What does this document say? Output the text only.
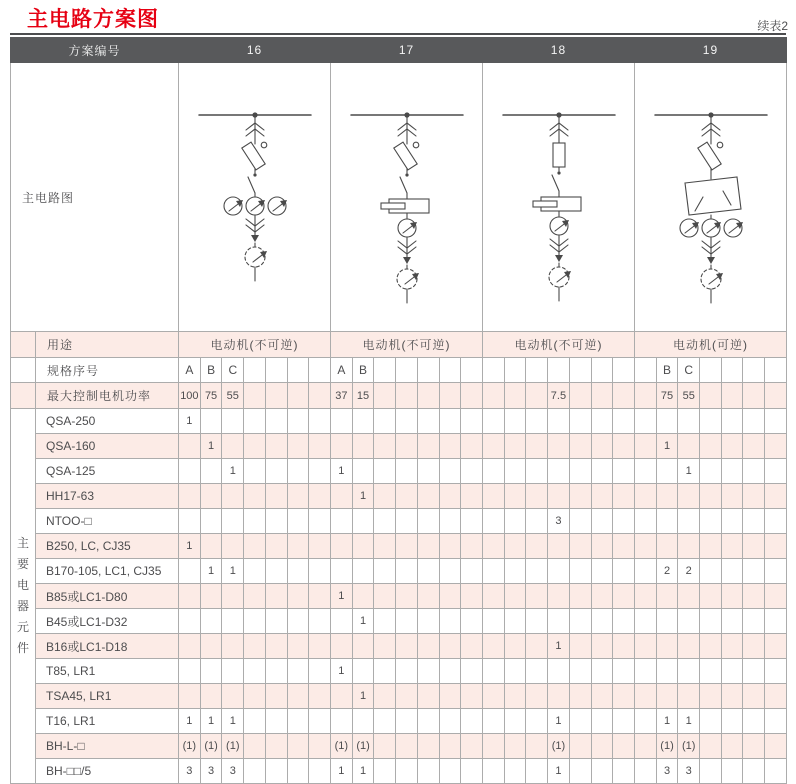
主电路方案图	续表2
方案编号		16							17							18							19						
主电路图	

	用途	电动机(不可逆)							电动机(不可逆)							电动机(不可逆)							电动机(可逆)						
	规格序号	A	B	C					A	B														B	C				
	最大控制电机功率	100	75	55					37	15									7.5					75	55				

主
要
电
器
元
件
	QSA-250	1																											
	QSA-160		1																					1					
	QSA-125			1					1																1				
	HH17-63									1																			
	NTOO-□																		3										
	B250, LC, CJ35	1																											
	B170-105, LC1, CJ35		1	1																				2	2				
	B85或LC1-D80								1																				
	B45或LC1-D32									1																			
	B16或LC1-D18																		1										
	T85, LR1								1																				
	TSA45, LR1									1																			
	T16, LR1	1	1	1															1					1	1				
	BH-L-□	(1)	(1)	(1)					(1)	(1)									(1)					(1)	(1)				
	BH-□□/5	3	3	3					1	1									1					3	3				
